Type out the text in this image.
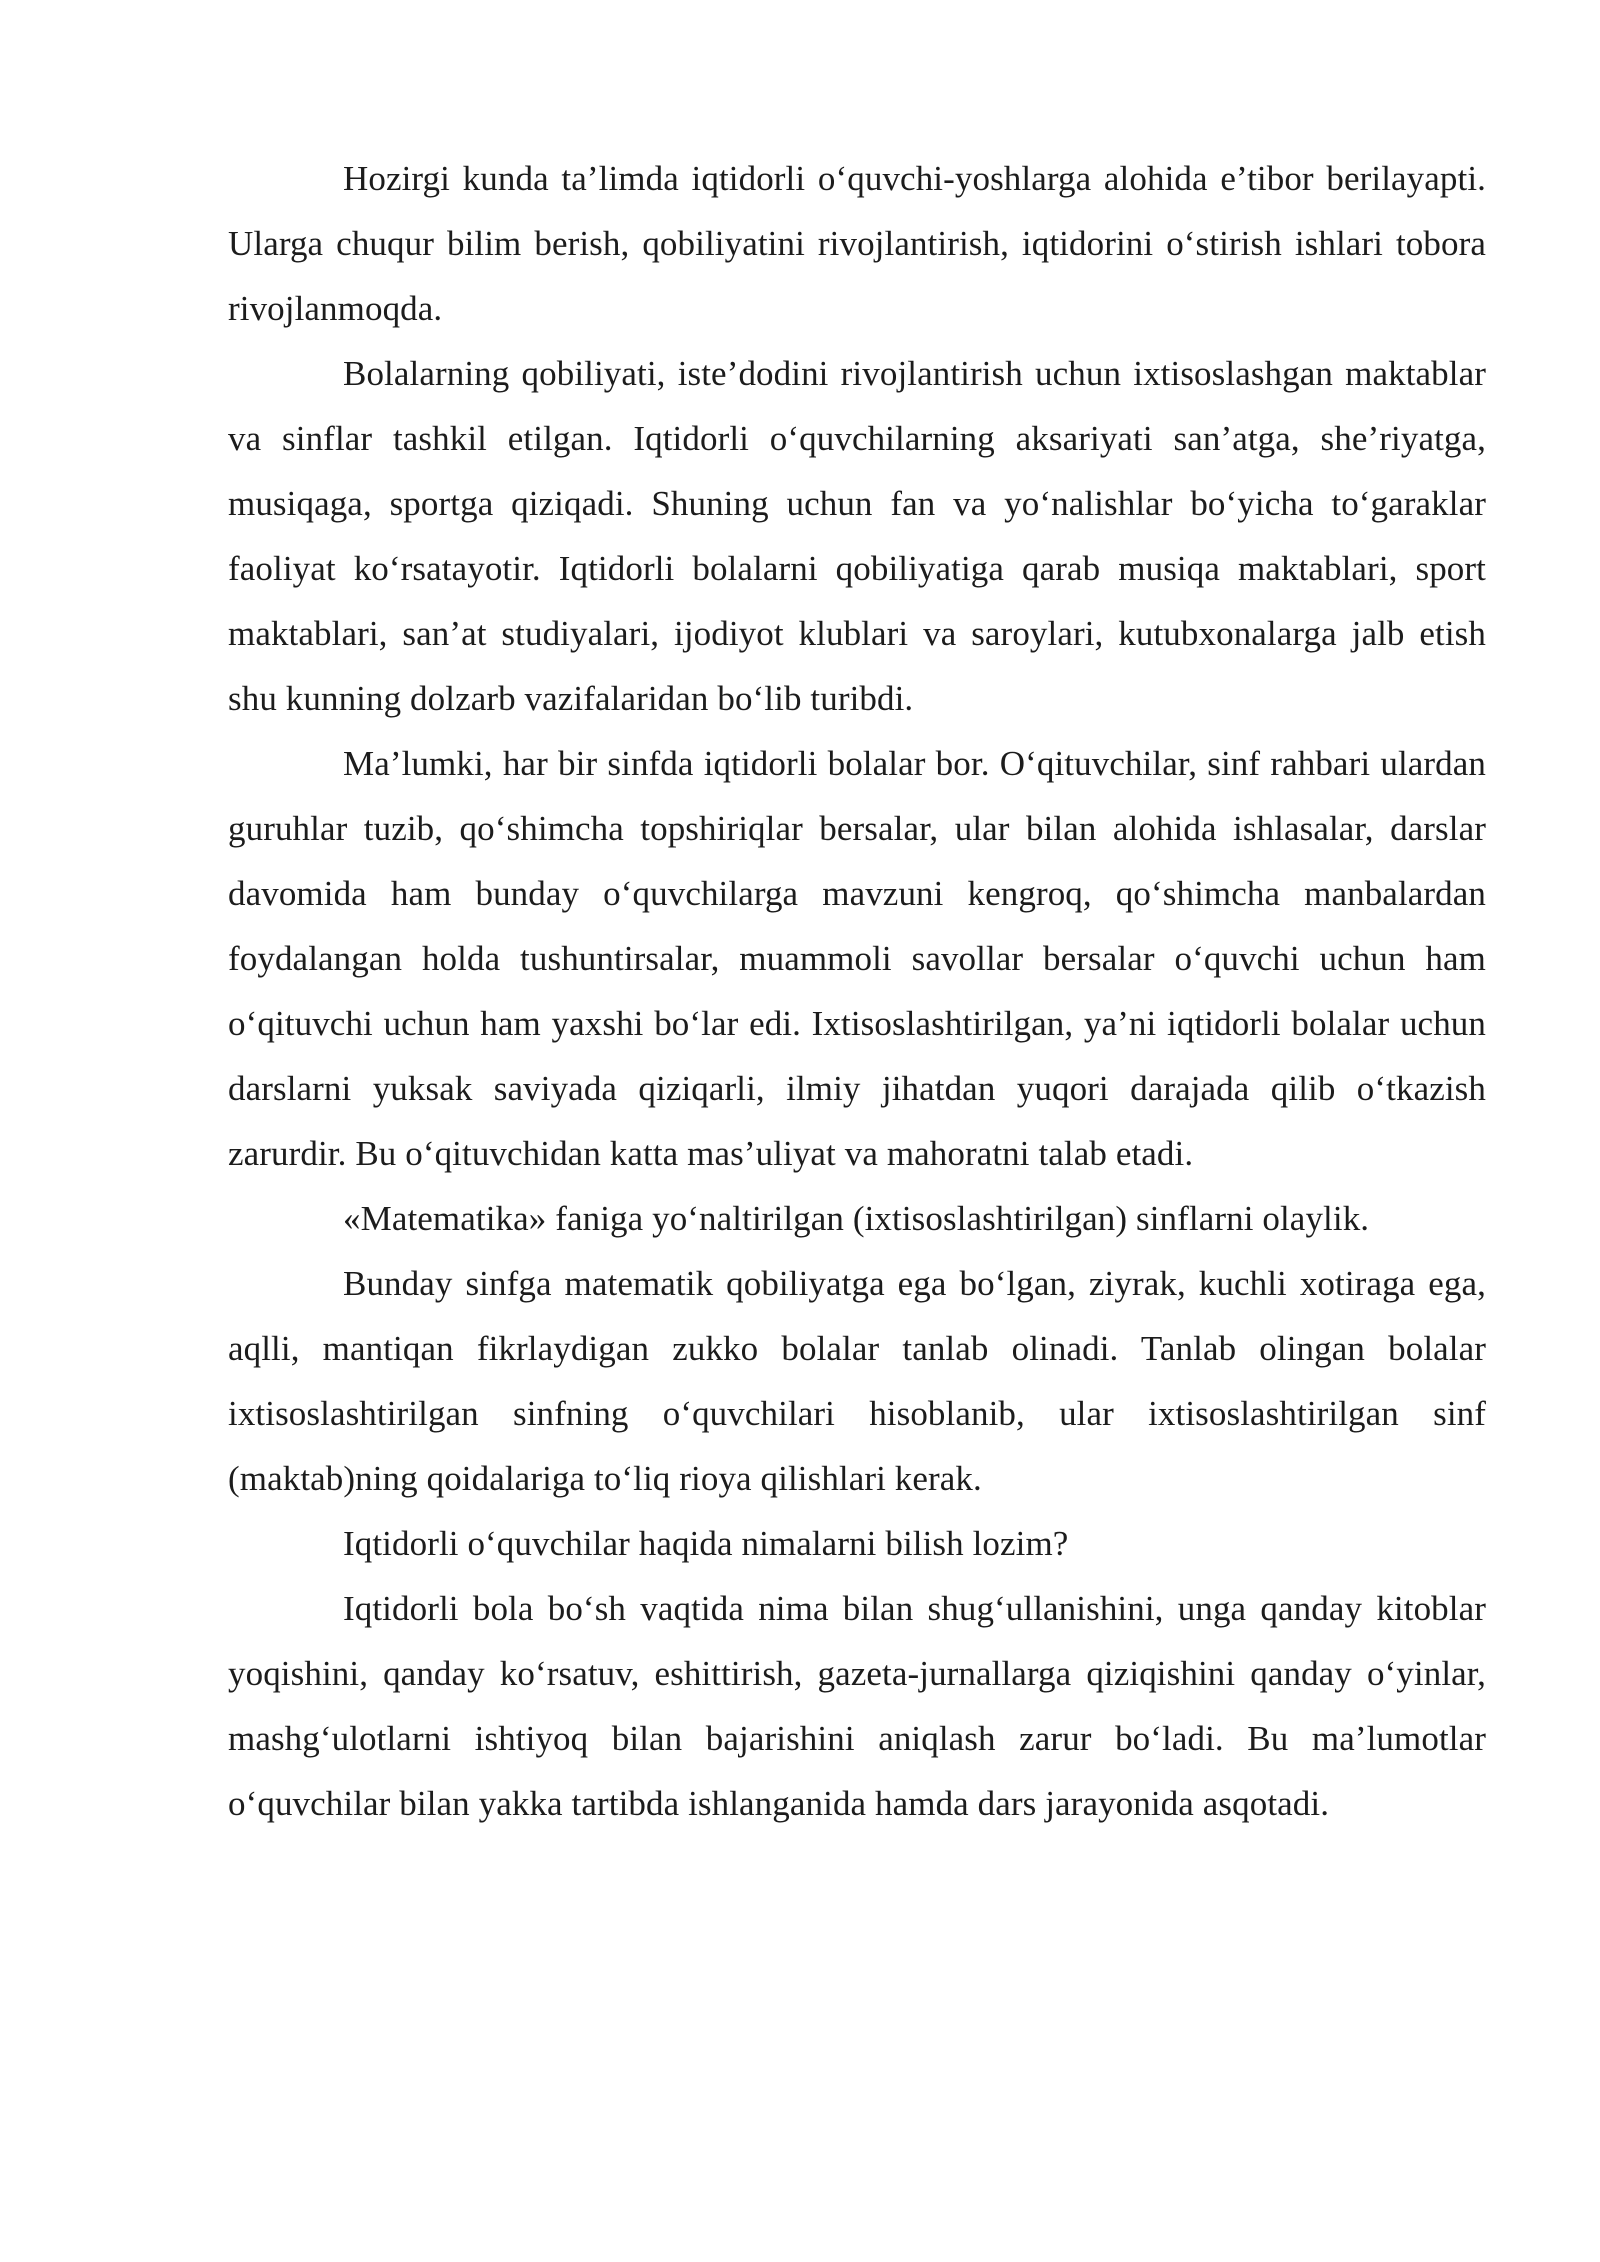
Hozirgi kunda ta’limda iqtidorli o‘quvchi-yoshlarga alohida e’tibor berilayapti. Ularga chuqur bilim berish, qobiliyatini rivojlantirish, iqtidorini o‘stirish ishlari tobora rivojlanmoqda.

Bolalarning qobiliyati, iste’dodini rivojlantirish uchun ixtisoslashgan maktablar va sinflar tashkil etilgan. Iqtidorli o‘quvchilarning aksariyati san’atga, she’riyatga, musiqaga, sportga qiziqadi. Shuning uchun fan va yo‘nalishlar bo‘yicha to‘garaklar faoliyat ko‘rsatayotir. Iqtidorli bolalarni qobiliyatiga qarab musiqa maktablari, sport maktablari, san’at studiyalari, ijodiyot klublari va saroylari, kutubxonalarga jalb etish shu kunning dolzarb vazifalaridan bo‘lib turibdi.

Ma’lumki, har bir sinfda iqtidorli bolalar bor. O‘qituvchilar, sinf rahbari ulardan guruhlar tuzib, qo‘shimcha topshiriqlar bersalar, ular bilan alohida ishlasalar, darslar davomida ham bunday o‘quvchilarga mavzuni kengroq, qo‘shimcha manbalardan foydalangan holda tushuntirsalar, muammoli savollar bersalar o‘quvchi uchun ham o‘qituvchi uchun ham yaxshi bo‘lar edi. Ixtisoslashtirilgan, ya’ni iqtidorli bolalar uchun darslarni yuksak saviyada qiziqarli, ilmiy jihatdan yuqori darajada qilib o‘tkazish zarurdir. Bu o‘qituvchidan katta mas’uliyat va mahoratni talab etadi.

«Matematika» faniga yo‘naltirilgan (ixtisoslashtirilgan) sinflarni olaylik.

Bunday sinfga matematik qobiliyatga ega bo‘lgan, ziyrak, kuchli xotiraga ega, aqlli, mantiqan fikrlaydigan zukko bolalar tanlab olinadi. Tanlab olingan bolalar ixtisoslashtirilgan sinfning o‘quvchilari hisoblanib, ular ixtisoslashtirilgan sinf (maktab)ning qoidalariga to‘liq rioya qilishlari kerak.

Iqtidorli o‘quvchilar haqida nimalarni bilish lozim?

Iqtidorli bola bo‘sh vaqtida nima bilan shug‘ullanishini, unga qanday kitoblar yoqishini, qanday ko‘rsatuv, eshittirish, gazeta-jurnallarga qiziqishini qanday o‘yinlar, mashg‘ulotlarni ishtiyoq bilan bajarishini aniqlash zarur bo‘ladi. Bu ma’lumotlar o‘quvchilar bilan yakka tartibda ishlanganida hamda dars jarayonida asqotadi.
